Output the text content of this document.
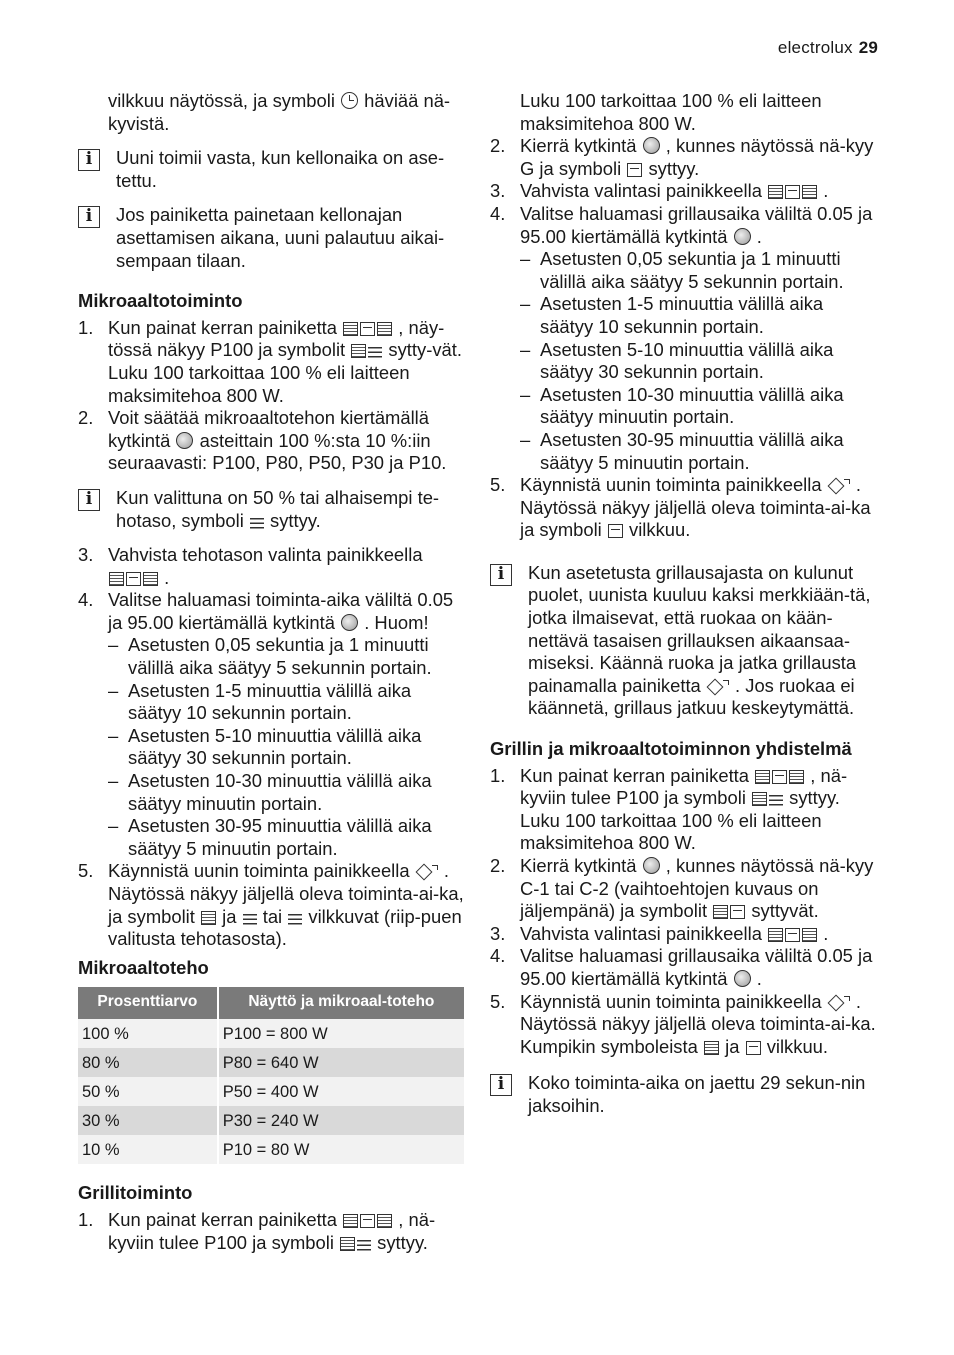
electrolux 29
vilkkuu näytössä, ja symboli häviää nä-kyvistä.
i	Uuni toimii vasta, kun kellonaika on ase-tettu.
i	Jos painiketta painetaan kellonajan asettamisen aikana, uuni palautuu aikai-sempaan tilaan.
Mikroaaltotoiminto
1. Kun painat kerran painiketta	, näy-tössä näkyy P100 ja symbolit sytty-vät. Luku 100 tarkoittaa 100 % eli laitteen maksimitehoa 800 W.
2. Voit säätää mikroaaltotehon kiertämällä kytkintä asteittain 100 %:sta 10 %:iin seuraavasti: P100, P80, P50, P30 ja P10.
i	Kun valittuna on 50 % tai alhaisempi te-hotaso, symboli syttyy.
3. Vahvista tehotason valinta painikkeella
.
4. Valitse haluamasi toiminta-aika väliltä 0.05 ja 95.00 kiertämällä kytkintä . Huom!
– Asetusten 0,05 sekuntia ja 1 minuutti välillä aika säätyy 5 sekunnin portain.
– Asetusten 1-5 minuuttia välillä aika säätyy 10 sekunnin portain.
– Asetusten 5-10 minuuttia välillä aika säätyy 30 sekunnin portain.
– Asetusten 10-30 minuuttia välillä aika säätyy minuutin portain.
– Asetusten 30-95 minuuttia välillä aika säätyy 5 minuutin portain.
5. Käynnistä uunin toiminta painikkeella . Näytössä näkyy jäljellä oleva toiminta-ai-ka, ja symbolit ja tai vilkkuvat (riip-puen valitusta tehotasosta).
Mikroaaltoteho
Prosenttiarvo	Näyttö ja mikroaal-toteho
100 %	P100 = 800 W
80 %	P80 = 640 W
50 %	P50 = 400 W
30 %	P30 = 240 W
10 %	P10 = 80 W
Grillitoiminto
1. Kun painat kerran painiketta	, nä-kyviin tulee P100 ja symboli syttyy.
Luku 100 tarkoittaa 100 % eli laitteen maksimitehoa 800 W.
2. Kierrä kytkintä , kunnes näytössä nä-kyy G ja symboli syttyy.
3. Vahvista valintasi painikkeella	.
4. Valitse haluamasi grillausaika väliltä 0.05 ja 95.00 kiertämällä kytkintä .
– Asetusten 0,05 sekuntia ja 1 minuutti välillä aika säätyy 5 sekunnin portain.
– Asetusten 1-5 minuuttia välillä aika säätyy 10 sekunnin portain.
– Asetusten 5-10 minuuttia välillä aika säätyy 30 sekunnin portain.
– Asetusten 10-30 minuuttia välillä aika säätyy minuutin portain.
– Asetusten 30-95 minuuttia välillä aika säätyy 5 minuutin portain.
5. Käynnistä uunin toiminta painikkeella . Näytössä näkyy jäljellä oleva toiminta-ai-ka ja symboli vilkkuu.
i	Kun asetetusta grillausajasta on kulunut puolet, uunista kuuluu kaksi merkkiään-tä, jotka ilmaisevat, että ruokaa on kään-nettävä tasaisen grillauksen aikaansaa-miseksi. Käännä ruoka ja jatka grillausta painamalla painiketta . Jos ruokaa ei käännetä, grillaus jatkuu keskeytymättä.
Grillin ja mikroaaltotoiminnon yhdistelmä
1. Kun painat kerran painiketta	, nä-kyviin tulee P100 ja symboli syttyy. Luku 100 tarkoittaa 100 % eli laitteen maksimitehoa 800 W.
2. Kierrä kytkintä , kunnes näytössä nä-kyy C-1 tai C-2 (vaihtoehtojen kuvaus on jäljempänä) ja symbolit syttyvät.
3. Vahvista valintasi painikkeella	.
4. Valitse haluamasi grillausaika väliltä 0.05 ja 95.00 kiertämällä kytkintä .
5. Käynnistä uunin toiminta painikkeella . Näytössä näkyy jäljellä oleva toiminta-ai-ka. Kumpikin symboleista ja vilkkuu.
i	Koko toiminta-aika on jaettu 29 sekun-nin jaksoihin.
